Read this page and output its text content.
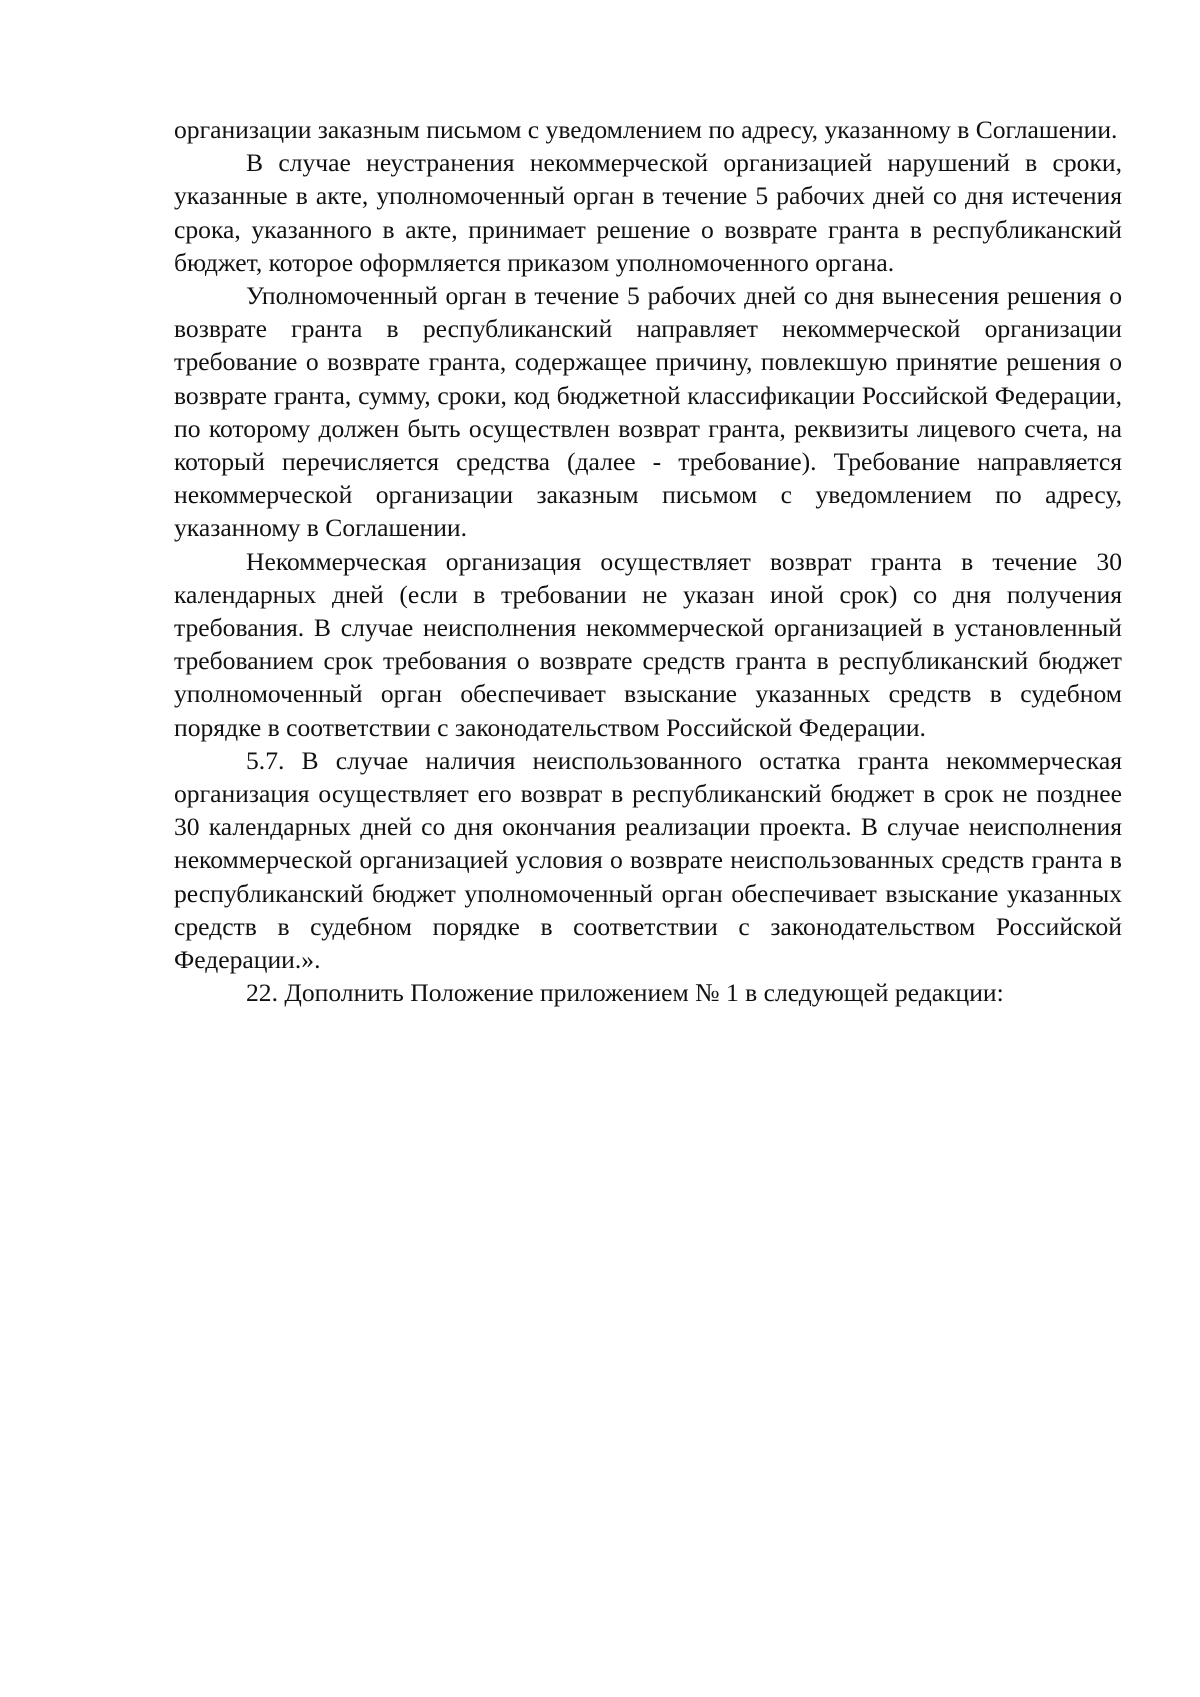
организации заказным письмом с уведомлением по адресу, указанному в Соглашении.

В случае неустранения некоммерческой организацией нарушений в сроки, указанные в акте, уполномоченный орган в течение 5 рабочих дней со дня истечения срока, указанного в акте, принимает решение о возврате гранта в республиканский бюджет, которое оформляется приказом уполномоченного органа.

Уполномоченный орган в течение 5 рабочих дней со дня вынесения решения о возврате гранта в республиканский направляет некоммерческой организации требование о возврате гранта, содержащее причину, повлекшую принятие решения о возврате гранта, сумму, сроки, код бюджетной классификации Российской Федерации, по которому должен быть осуществлен возврат гранта, реквизиты лицевого счета, на который перечисляется средства (далее - требование). Требование направляется некоммерческой организации заказным письмом с уведомлением по адресу, указанному в Соглашении.

Некоммерческая организация осуществляет возврат гранта в течение 30 календарных дней (если в требовании не указан иной срок) со дня получения требования. В случае неисполнения некоммерческой организацией в установленный требованием срок требования о возврате средств гранта в республиканский бюджет уполномоченный орган обеспечивает взыскание указанных средств в судебном порядке в соответствии с законодательством Российской Федерации.

5.7. В случае наличия неиспользованного остатка гранта некоммерческая организация осуществляет его возврат в республиканский бюджет в срок не позднее 30 календарных дней со дня окончания реализации проекта. В случае неисполнения некоммерческой организацией условия о возврате неиспользованных средств гранта в республиканский бюджет уполномоченный орган обеспечивает взыскание указанных средств в судебном порядке в соответствии с законодательством Российской Федерации.».

22. Дополнить Положение приложением № 1 в следующей редакции:
